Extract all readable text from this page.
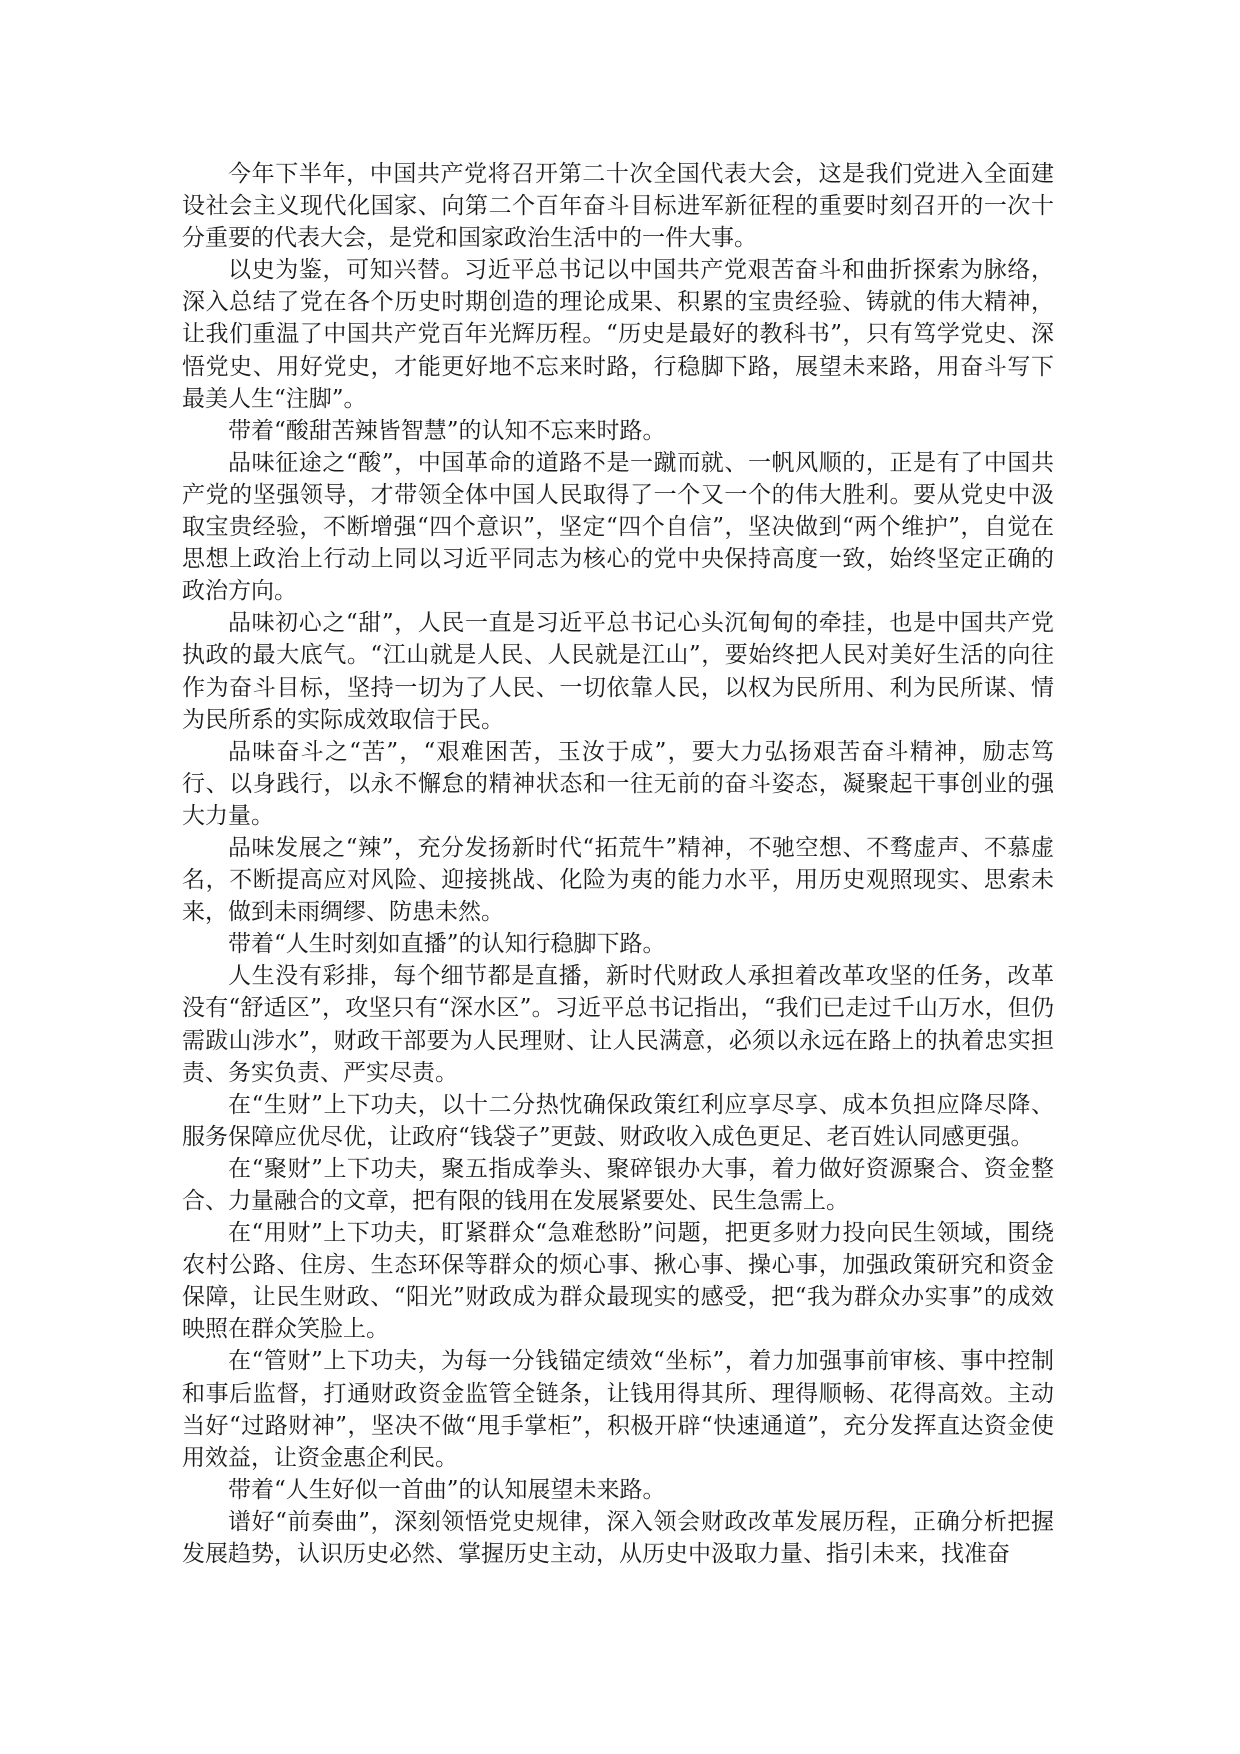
今年下半年，中国共产党将召开第二十次全国代表大会，这是我们党进入全面建设社会主义现代化国家、向第二个百年奋斗目标进军新征程的重要时刻召开的一次十分重要的代表大会，是党和国家政治生活中的一件大事。

以史为鉴，可知兴替。习近平总书记以中国共产党艰苦奋斗和曲折探索为脉络，深入总结了党在各个历史时期创造的理论成果、积累的宝贵经验、铸就的伟大精神，让我们重温了中国共产党百年光辉历程。“历史是最好的教科书”，只有笃学党史、深悟党史、用好党史，才能更好地不忘来时路，行稳脚下路，展望未来路，用奋斗写下最美人生“注脚”。

带着“酸甜苦辣皆智慧”的认知不忘来时路。

品味征途之“酸”，中国革命的道路不是一蹴而就、一帆风顺的，正是有了中国共产党的坚强领导，才带领全体中国人民取得了一个又一个的伟大胜利。要从党史中汲取宝贵经验，不断增强“四个意识”，坚定“四个自信”，坚决做到“两个维护”，自觉在思想上政治上行动上同以习近平同志为核心的党中央保持高度一致，始终坚定正确的政治方向。

品味初心之“甜”，人民一直是习近平总书记心头沉甸甸的牵挂，也是中国共产党执政的最大底气。“江山就是人民、人民就是江山”，要始终把人民对美好生活的向往作为奋斗目标，坚持一切为了人民、一切依靠人民，以权为民所用、利为民所谋、情为民所系的实际成效取信于民。

品味奋斗之“苦”，“艰难困苦，玉汝于成”，要大力弘扬艰苦奋斗精神，励志笃行、以身践行，以永不懈怠的精神状态和一往无前的奋斗姿态，凝聚起干事创业的强大力量。

品味发展之“辣”，充分发扬新时代“拓荒牛”精神，不驰空想、不骛虚声、不慕虚名，不断提高应对风险、迎接挑战、化险为夷的能力水平，用历史观照现实、思索未来，做到未雨绸缪、防患未然。

带着“人生时刻如直播”的认知行稳脚下路。

人生没有彩排，每个细节都是直播，新时代财政人承担着改革攻坚的任务，改革没有“舒适区”，攻坚只有“深水区”。习近平总书记指出，“我们已走过千山万水，但仍需跋山涉水”，财政干部要为人民理财、让人民满意，必须以永远在路上的执着忠实担责、务实负责、严实尽责。

在“生财”上下功夫，以十二分热忱确保政策红利应享尽享、成本负担应降尽降、服务保障应优尽优，让政府“钱袋子”更鼓、财政收入成色更足、老百姓认同感更强。

在“聚财”上下功夫，聚五指成拳头、聚碎银办大事，着力做好资源聚合、资金整合、力量融合的文章，把有限的钱用在发展紧要处、民生急需上。

在“用财”上下功夫，盯紧群众“急难愁盼”问题，把更多财力投向民生领域，围绕农村公路、住房、生态环保等群众的烦心事、揪心事、操心事，加强政策研究和资金保障，让民生财政、“阳光”财政成为群众最现实的感受，把“我为群众办实事”的成效映照在群众笑脸上。

在“管财”上下功夫，为每一分钱锚定绩效“坐标”，着力加强事前审核、事中控制和事后监督，打通财政资金监管全链条，让钱用得其所、理得顺畅、花得高效。主动当好“过路财神”，坚决不做“甩手掌柜”，积极开辟“快速通道”，充分发挥直达资金使用效益，让资金惠企利民。

带着“人生好似一首曲”的认知展望未来路。

谱好“前奏曲”，深刻领悟党史规律，深入领会财政改革发展历程，正确分析把握发展趋势，认识历史必然、掌握历史主动，从历史中汲取力量、指引未来，找准奋
